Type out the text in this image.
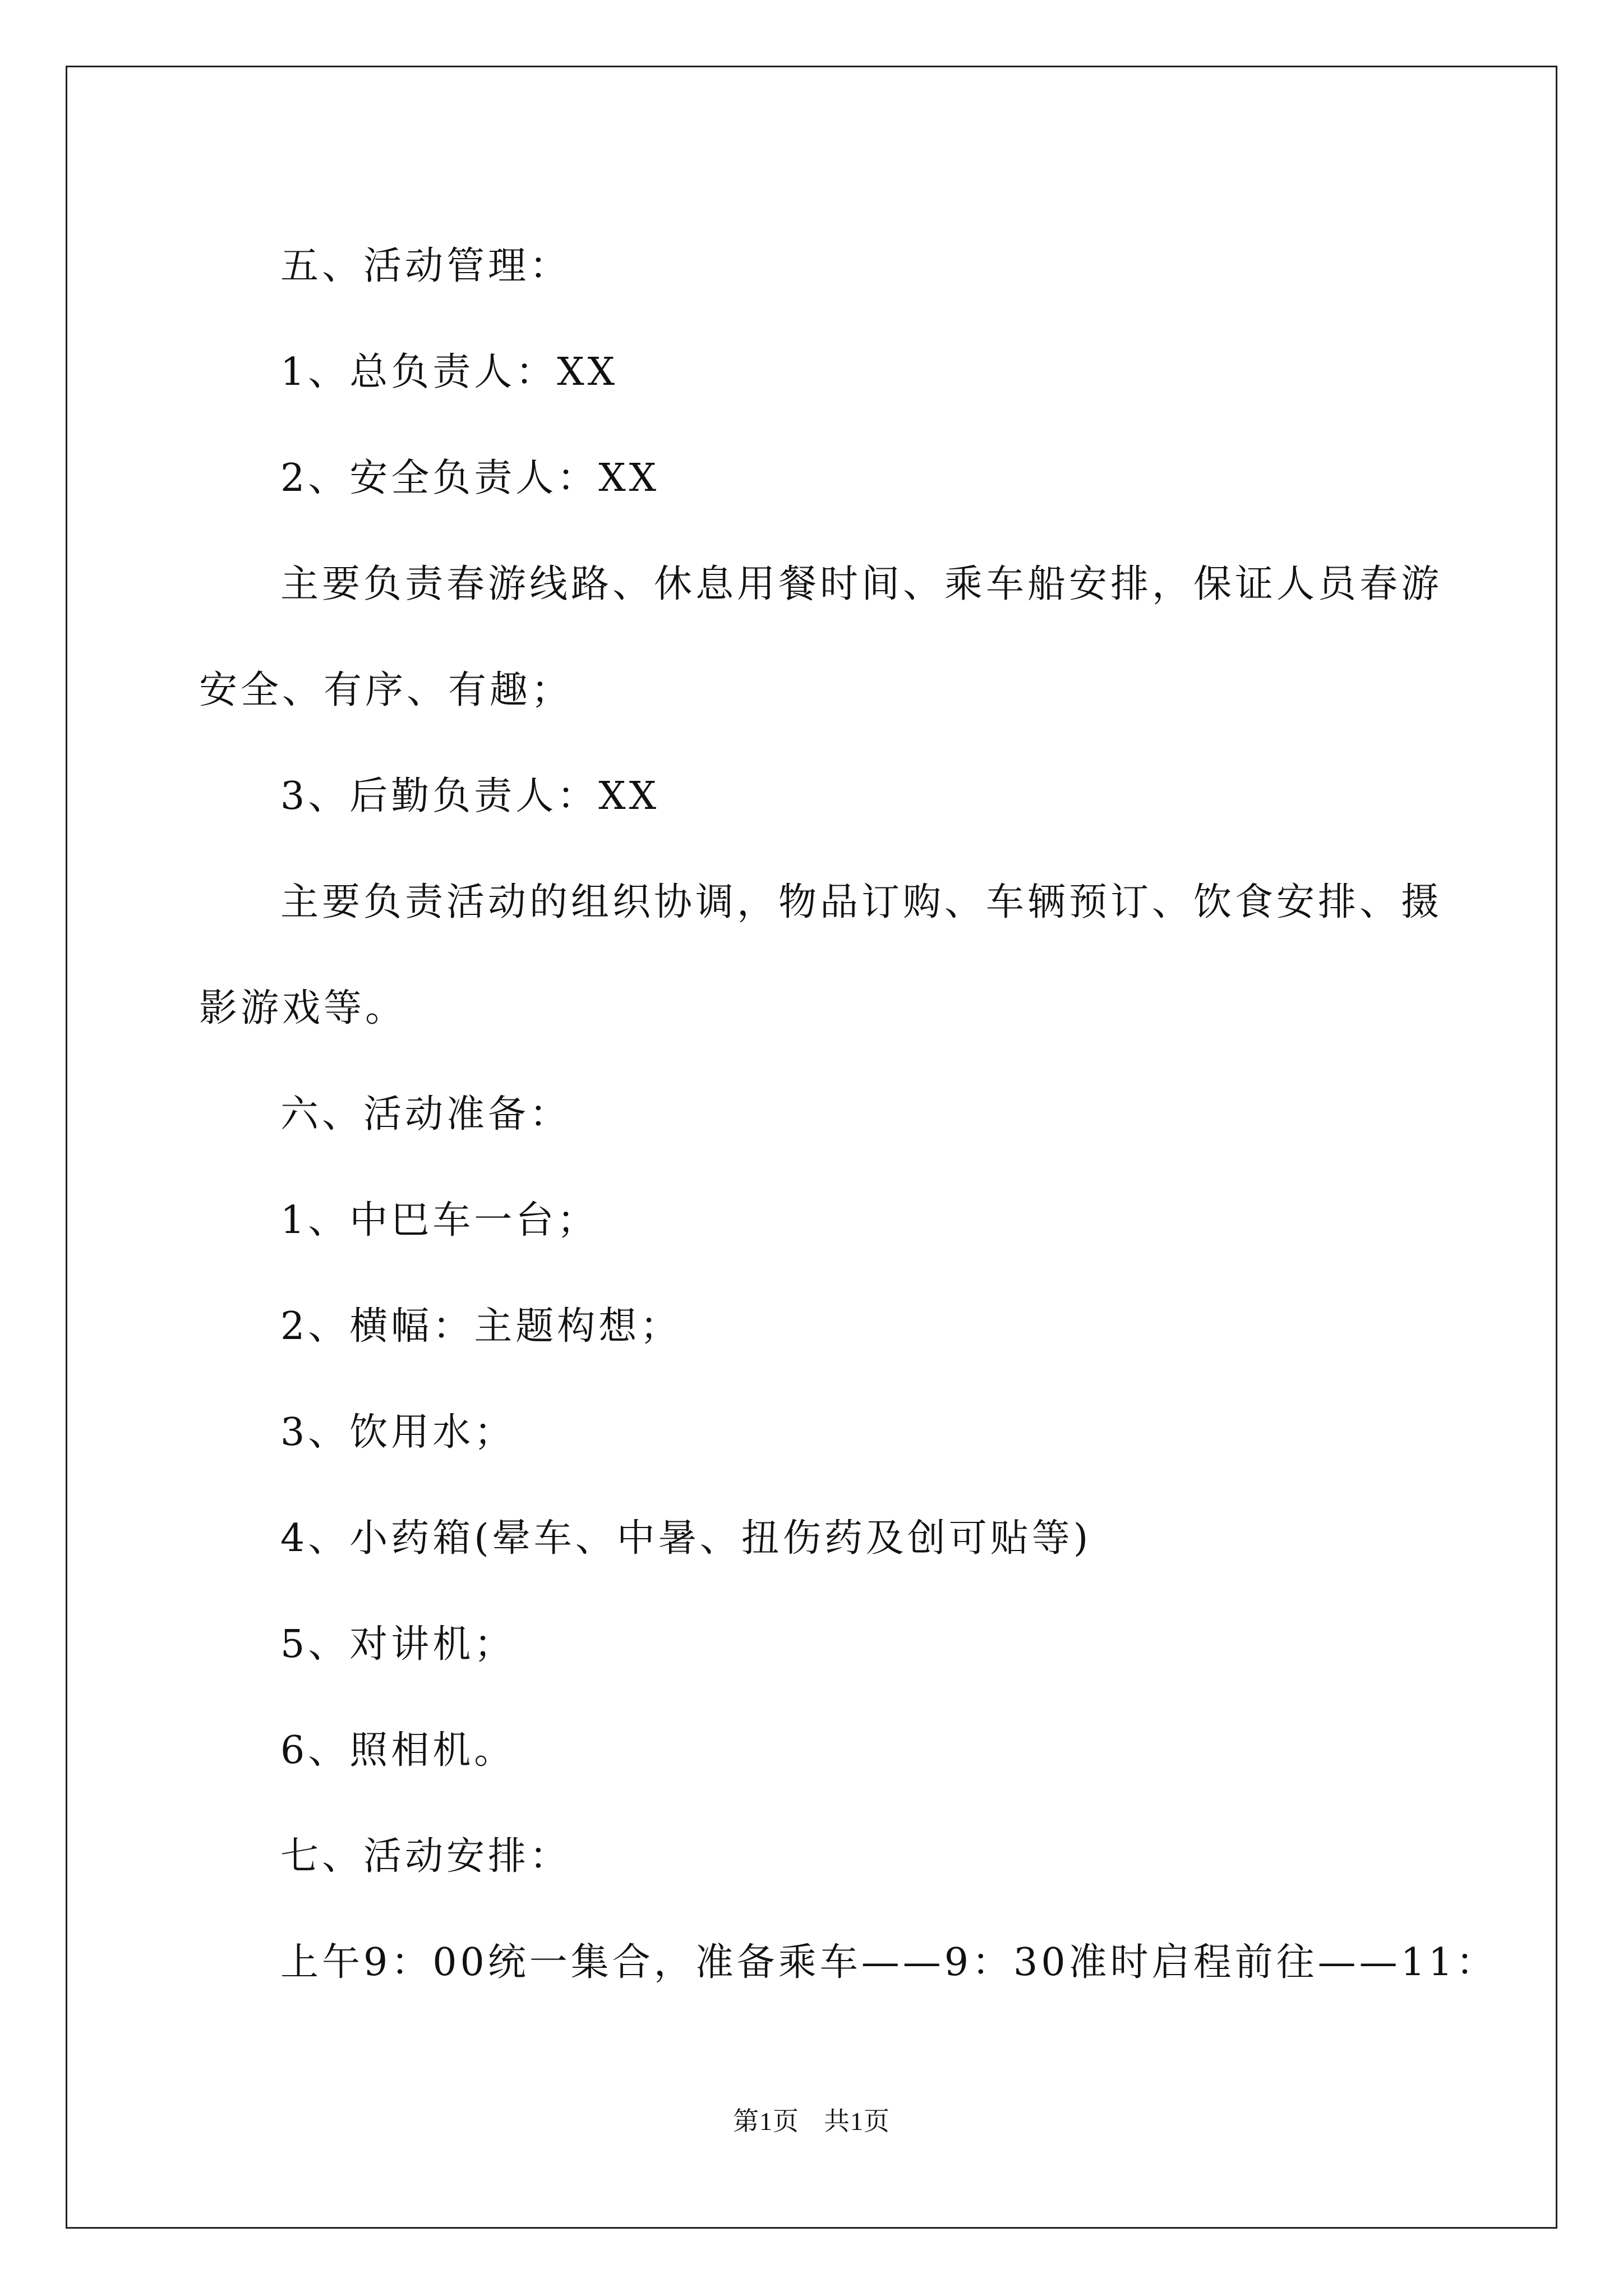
五、活动管理：

1、总负责人：XX

2、安全负责人：XX

主要负责春游线路、休息用餐时间、乘车船安排，保证人员春游

安全、有序、有趣；

3、后勤负责人：XX

主要负责活动的组织协调，物品订购、车辆预订、饮食安排、摄

影游戏等。

六、活动准备：

1、中巴车一台；

2、横幅：主题构想；

3、饮用水；

4、小药箱(晕车、中暑、扭伤药及创可贴等)

5、对讲机；

6、照相机。

七、活动安排：

上午9：00统一集合，准备乘车——9：30准时启程前往——11：

第1页 共1页
